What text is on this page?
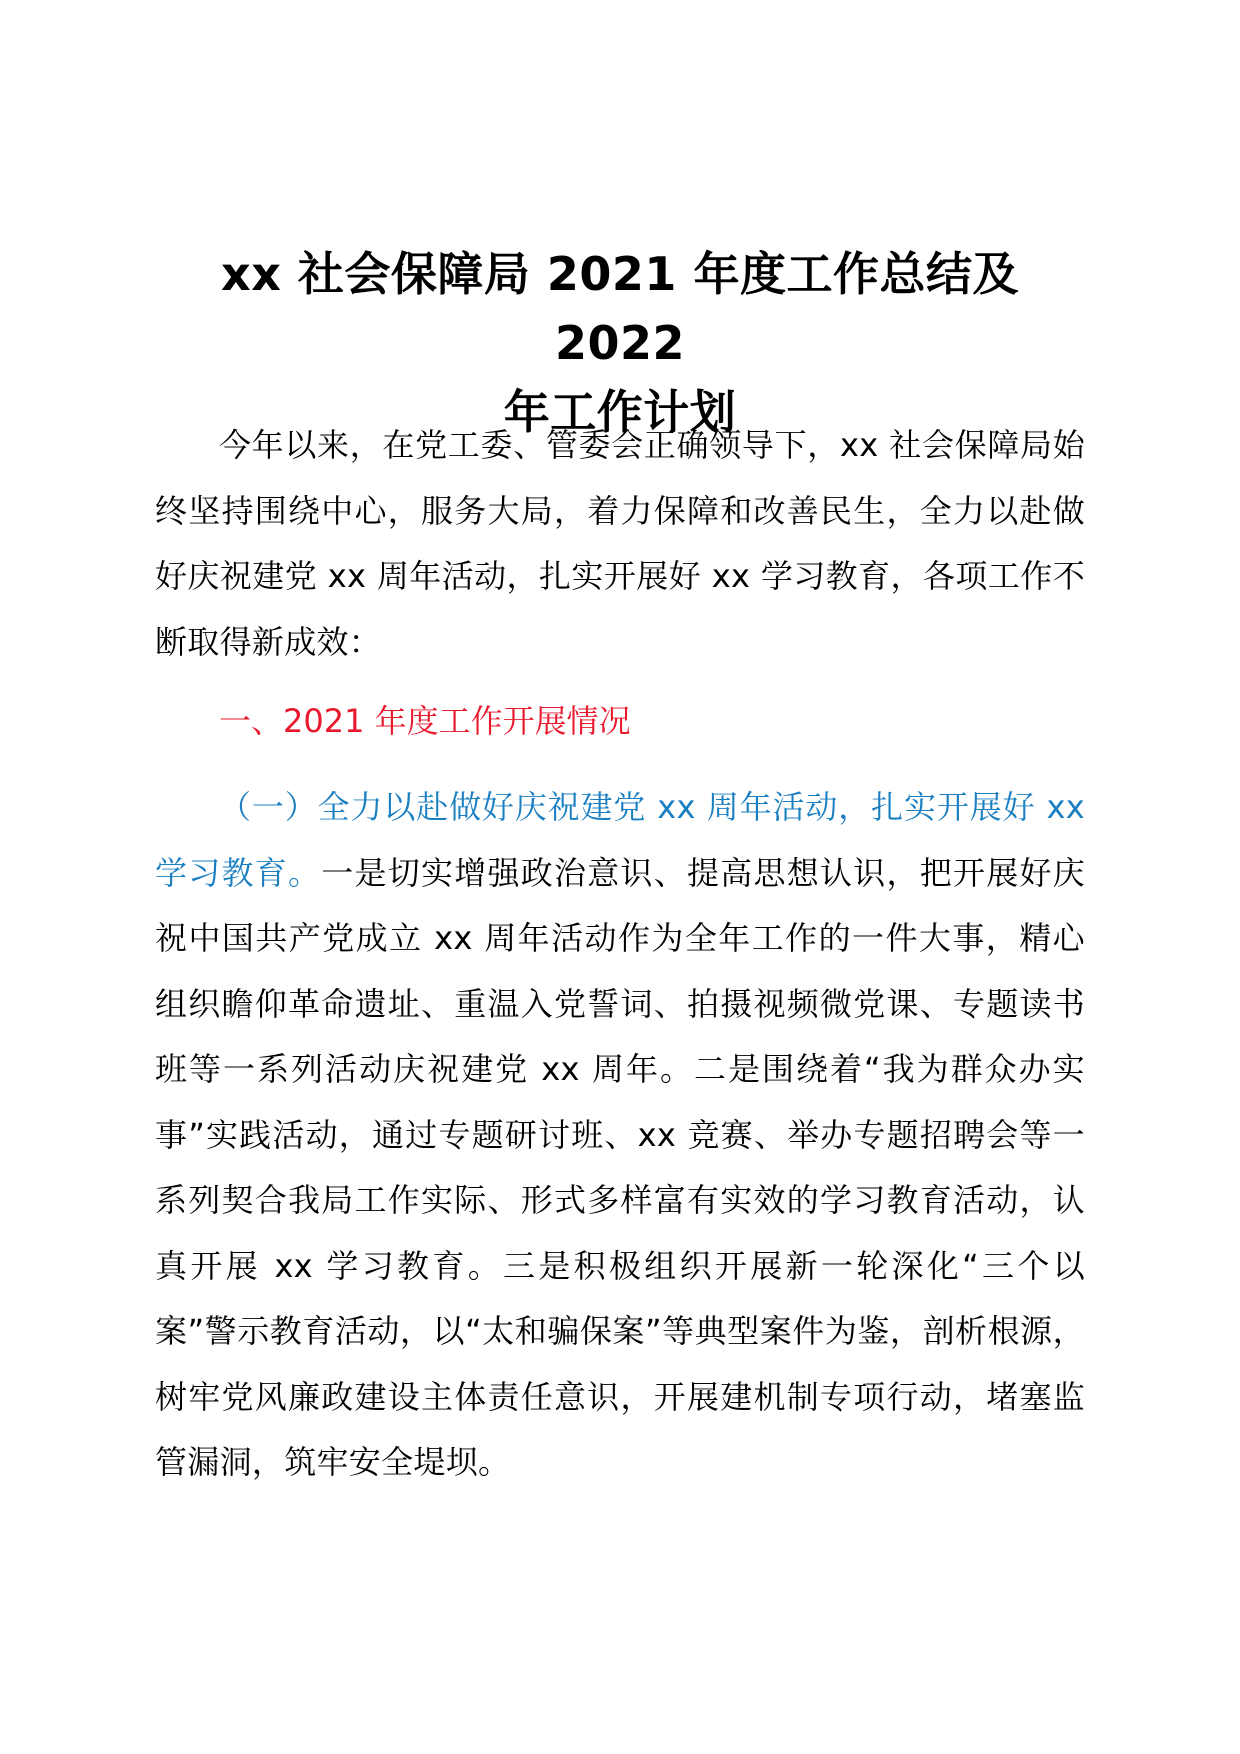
xx 社会保障局 2021 年度工作总结及 2022
年工作计划

今年以来，在党工委、管委会正确领导下，xx 社会保障局始终坚持围绕中心，服务大局，着力保障和改善民生，全力以赴做好庆祝建党 xx 周年活动，扎实开展好 xx 学习教育，各项工作不断取得新成效：

一、2021 年度工作开展情况

（一）全力以赴做好庆祝建党 xx 周年活动，扎实开展好 xx 学习教育。一是切实增强政治意识、提高思想认识，把开展好庆祝中国共产党成立 xx 周年活动作为全年工作的一件大事，精心组织瞻仰革命遗址、重温入党誓词、拍摄视频微党课、专题读书班等一系列活动庆祝建党 xx 周年。二是围绕着“我为群众办实事”实践活动，通过专题研讨班、xx 竞赛、举办专题招聘会等一系列契合我局工作实际、形式多样富有实效的学习教育活动，认真开展 xx 学习教育。三是积极组织开展新一轮深化“三个以案”警示教育活动，以“太和骗保案”等典型案件为鉴，剖析根源，树牢党风廉政建设主体责任意识，开展建机制专项行动，堵塞监管漏洞，筑牢安全堤坝。
